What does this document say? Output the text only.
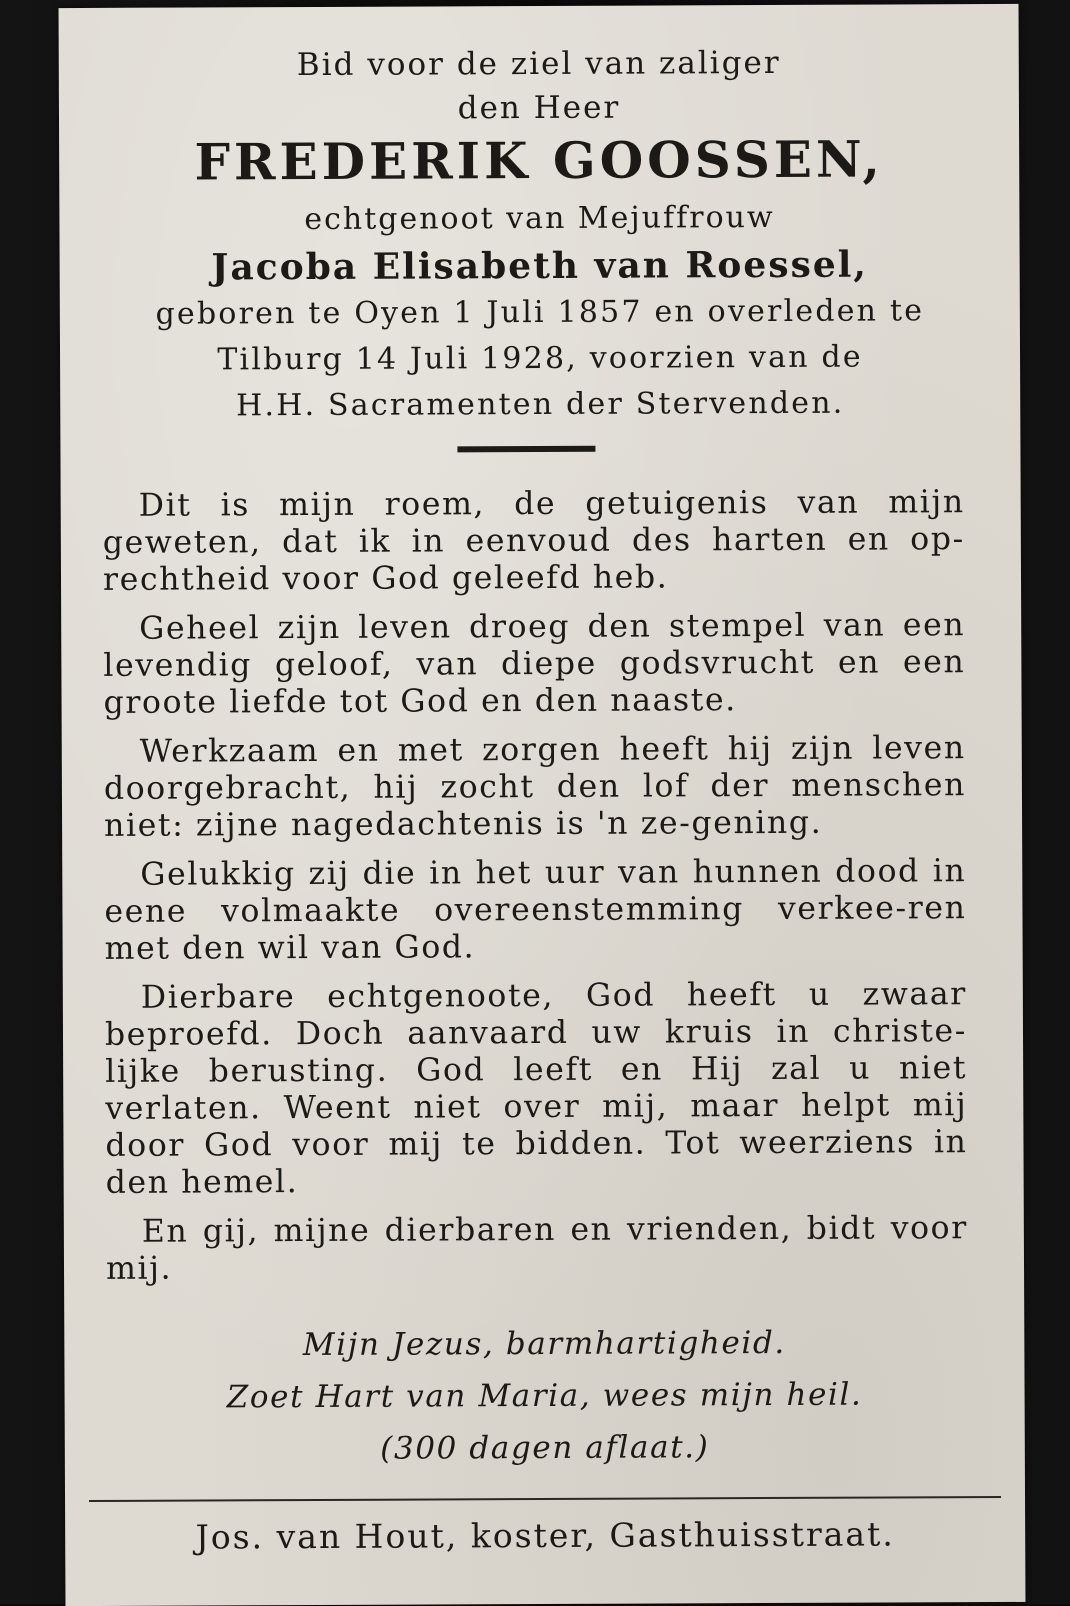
Bid voor de ziel van zaliger
den Heer
FREDERIK GOOSSEN,
echtgenoot van Mejuffrouw
Jacoba Elisabeth van Roessel,
geboren te Oyen 1 Juli 1857 en overleden te
Tilburg 14 Juli 1928, voorzien van de
H.H. Sacramenten der Stervenden.

Dit is mijn roem, de getuigenis van mijn geweten, dat ik in eenvoud des harten en op-rechtheid voor God geleefd heb.

Geheel zijn leven droeg den stempel van een levendig geloof, van diepe godsvrucht en een groote liefde tot God en den naaste.

Werkzaam en met zorgen heeft hij zijn leven doorgebracht, hij zocht den lof der menschen niet: zijne nagedachtenis is 'n ze-gening.

Gelukkig zij die in het uur van hunnen dood in eene volmaakte overeenstemming verkee-ren met den wil van God.

Dierbare echtgenoote, God heeft u zwaar beproefd. Doch aanvaard uw kruis in christe-lijke berusting. God leeft en Hij zal u niet verlaten. Weent niet over mij, maar helpt mij door God voor mij te bidden. Tot weerziens in den hemel.

En gij, mijne dierbaren en vrienden, bidt voor mij.

Mijn Jezus, barmhartigheid.
Zoet Hart van Maria, wees mijn heil.
(300 dagen aflaat.)
Jos. van Hout, koster, Gasthuisstraat.
